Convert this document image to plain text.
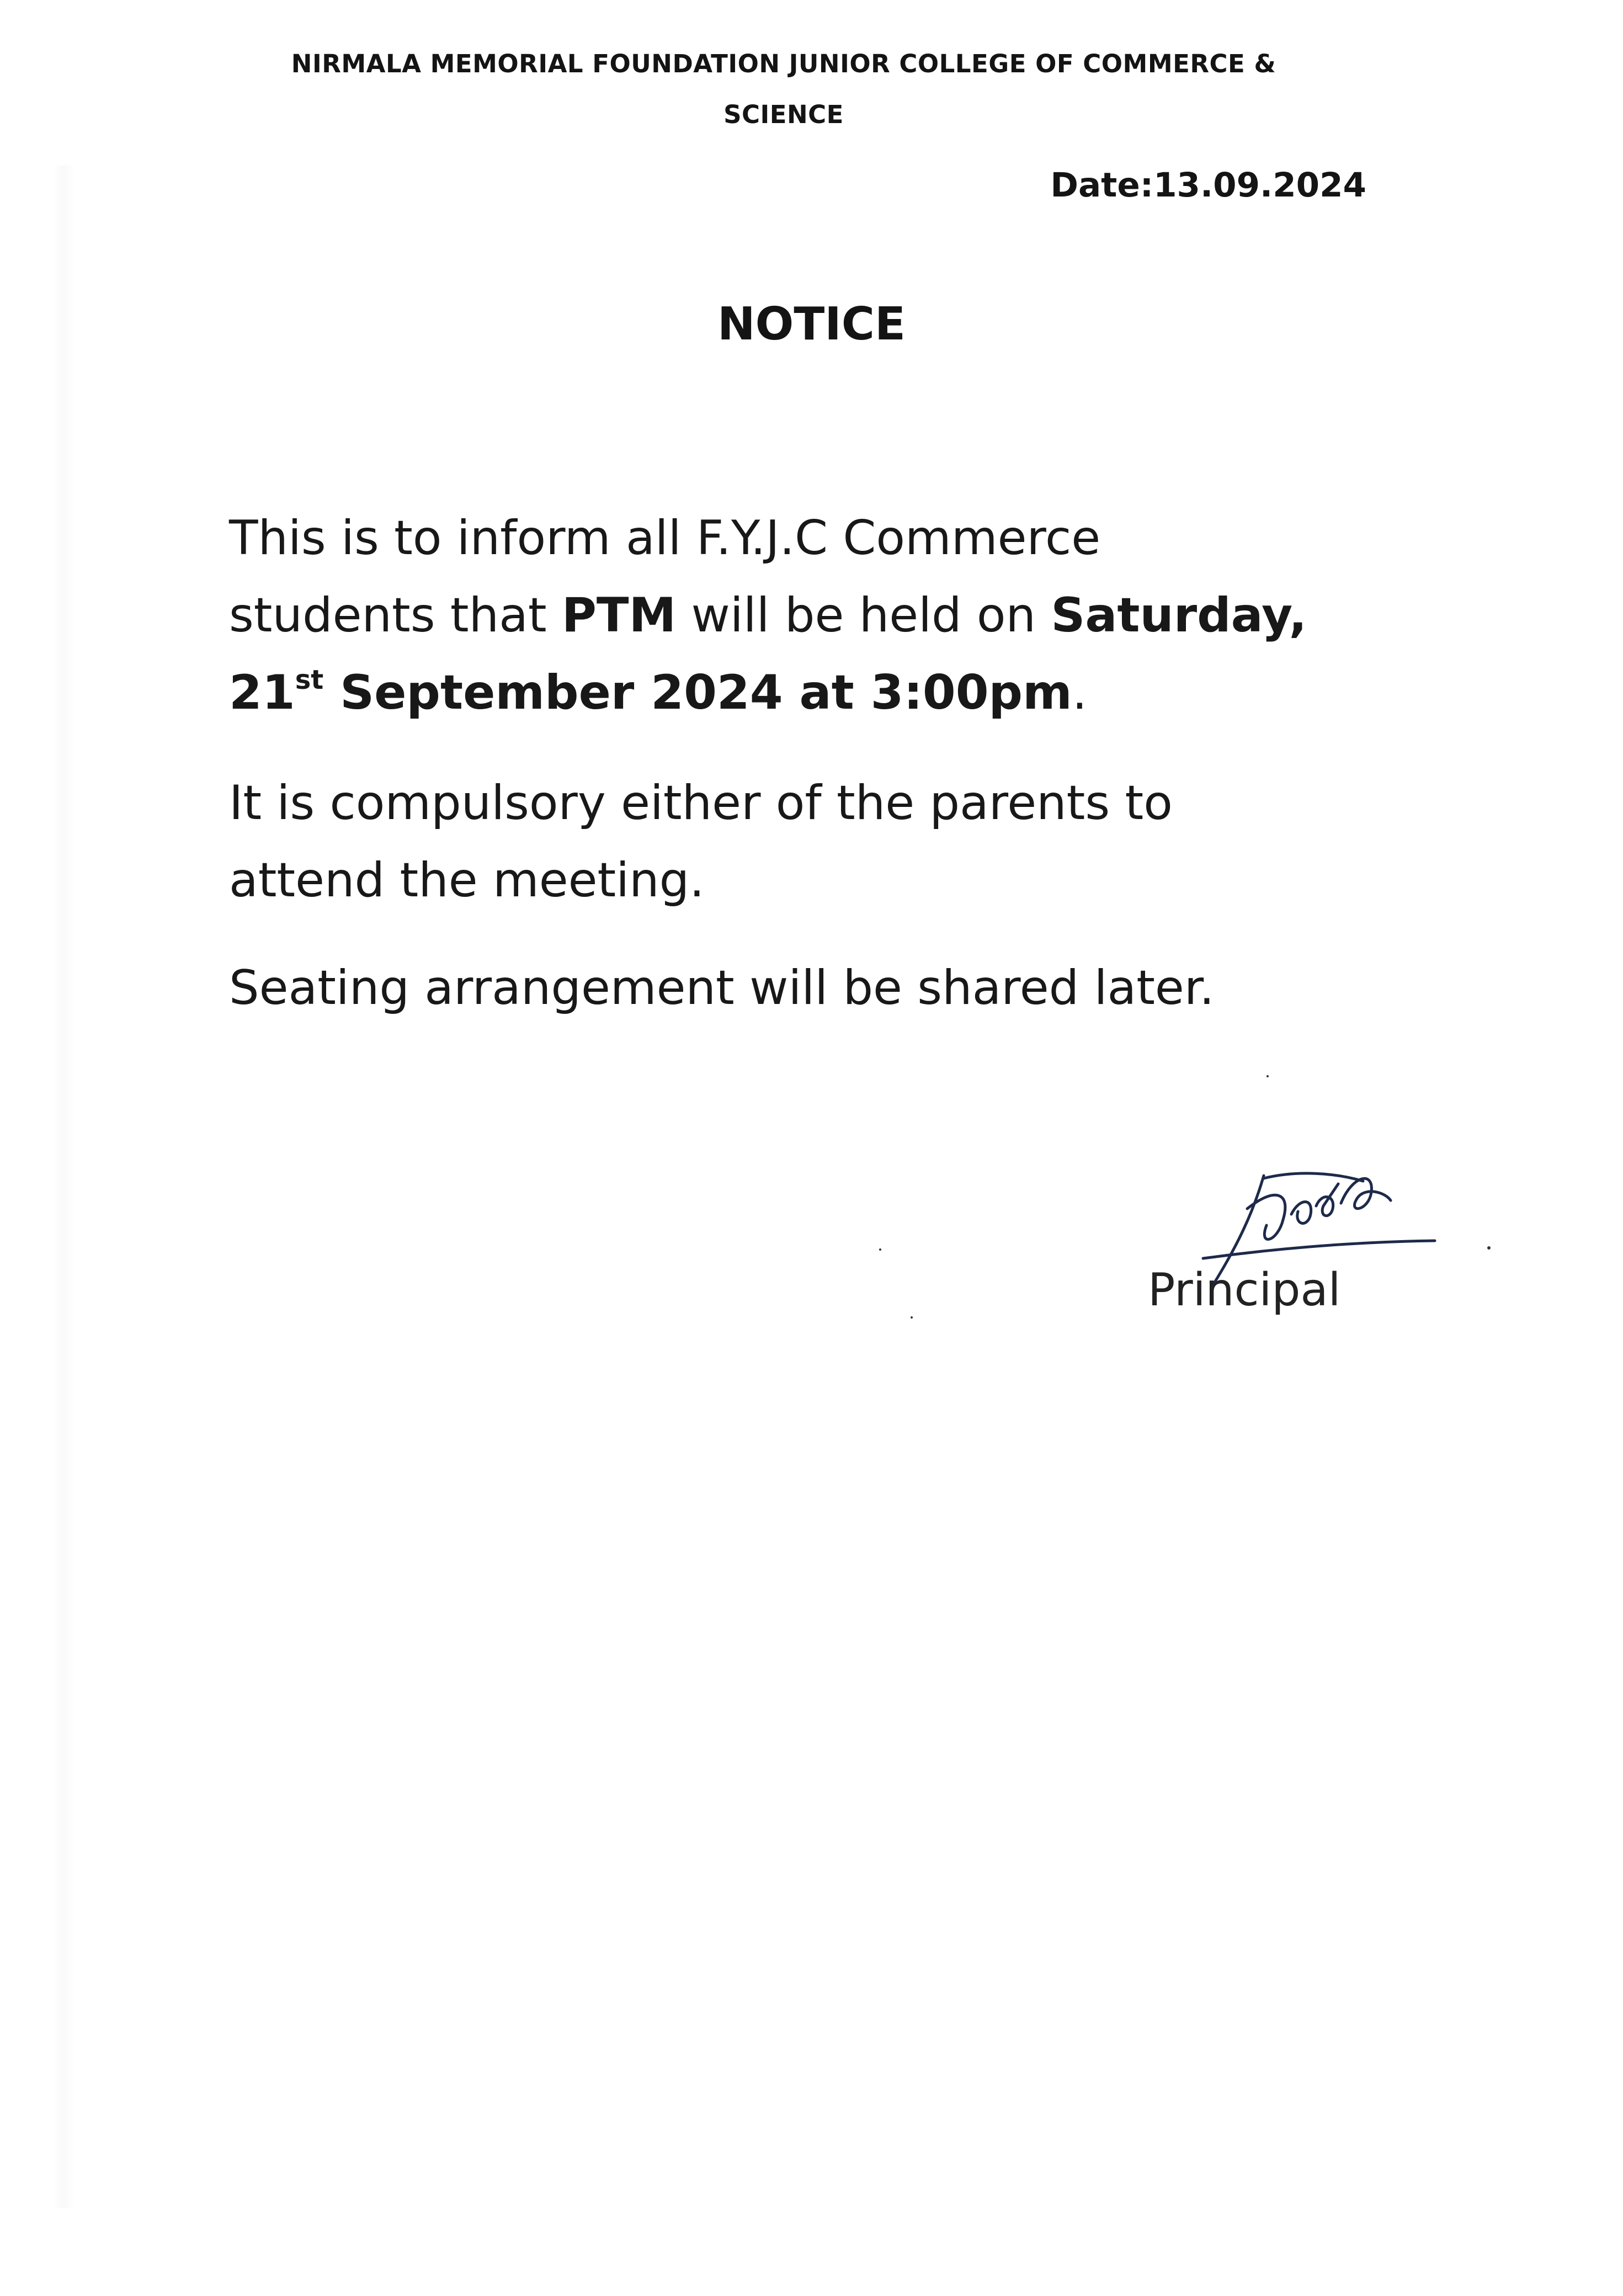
NIRMALA MEMORIAL FOUNDATION JUNIOR COLLEGE OF COMMERCE &
SCIENCE
Date:13.09.2024
NOTICE
This is to inform all F.Y.J.C Commerce
students that PTM will be held on Saturday,
21st September 2024 at 3:00pm.
It is compulsory either of the parents to
attend the meeting.
Seating arrangement will be shared later.
Principal
